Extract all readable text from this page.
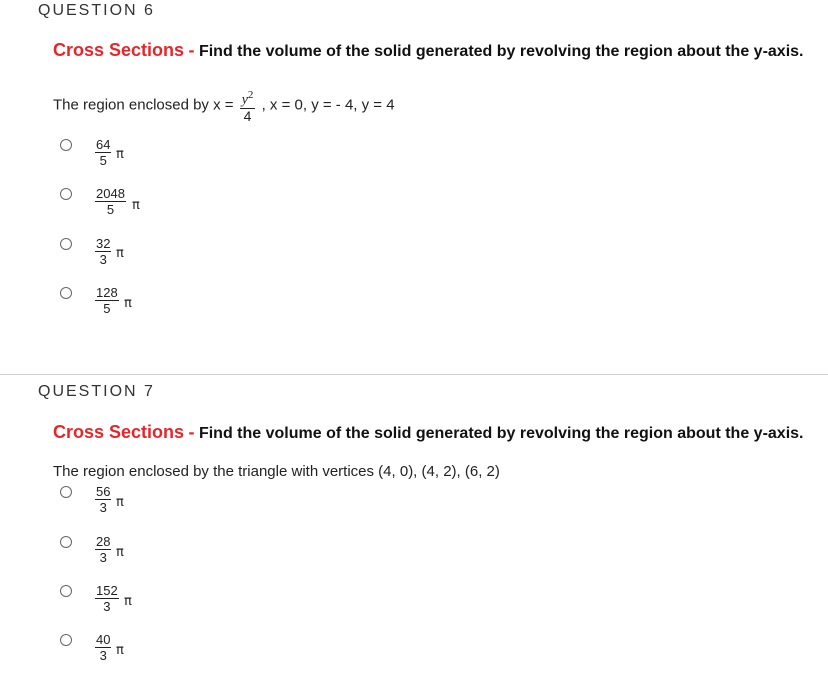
QUESTION 6
Cross Sections - Find the volume of the solid generated by revolving the region about the y-axis.
The region enclosed by $x = \frac{y^2}{4}$ , x = 0, y = - 4, y = 4
$\frac{64}{5}$ π
$\frac{2048}{5}$ π
$\frac{32}{3}$ π
$\frac{128}{5}$ π
QUESTION 7
Cross Sections - Find the volume of the solid generated by revolving the region about the y-axis.
The region enclosed by the triangle with vertices (4, 0), (4, 2), (6, 2)
$\frac{56}{3}$ π
$\frac{28}{3}$ π
$\frac{152}{3}$ π
$\frac{40}{3}$ π
